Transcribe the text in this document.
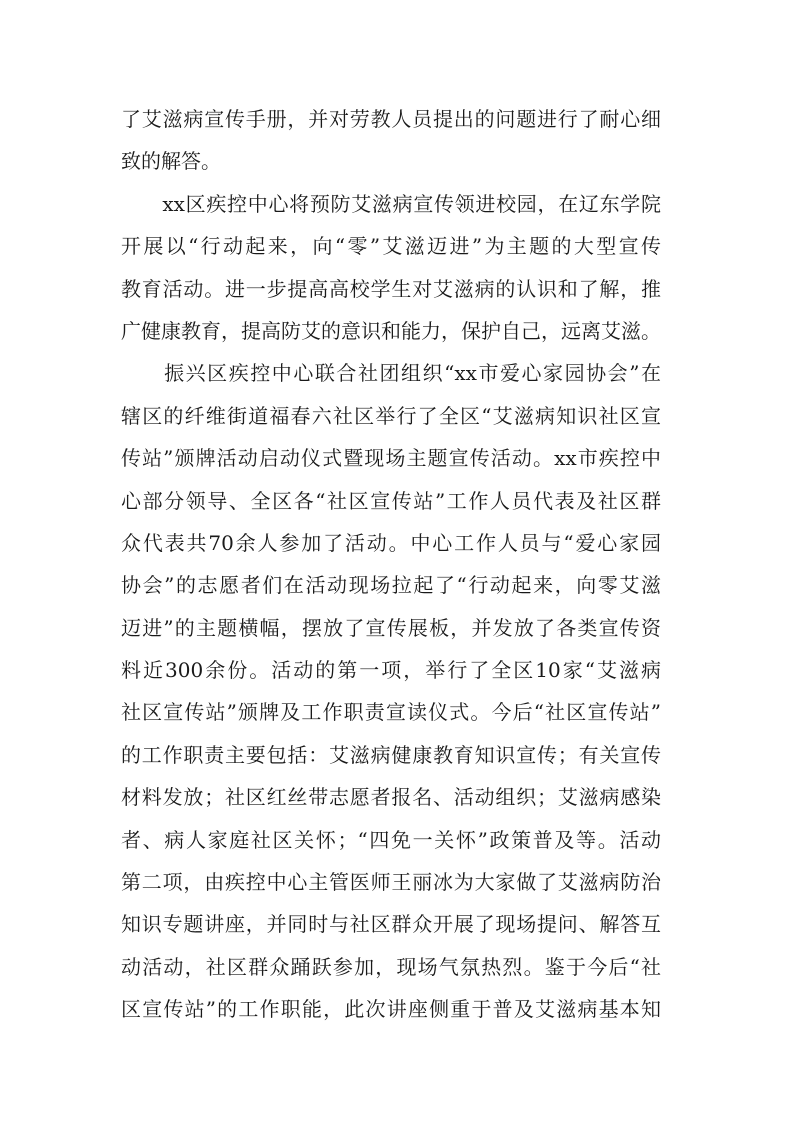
了艾滋病宣传手册，并对劳教人员提出的问题进行了耐心细
致的解答。
　　xx区疾控中心将预防艾滋病宣传领进校园，在辽东学院
开展以“行动起来，向“零”艾滋迈进”为主题的大型宣传
教育活动。进一步提高高校学生对艾滋病的认识和了解，推
广健康教育，提高防艾的意识和能力，保护自己，远离艾滋。
　　振兴区疾控中心联合社团组织“xx市爱心家园协会”在
辖区的纤维街道福春六社区举行了全区“艾滋病知识社区宣
传站”颁牌活动启动仪式暨现场主题宣传活动。xx市疾控中
心部分领导、全区各“社区宣传站”工作人员代表及社区群
众代表共70余人参加了活动。中心工作人员与“爱心家园
协会”的志愿者们在活动现场拉起了“行动起来，向零艾滋
迈进”的主题横幅，摆放了宣传展板，并发放了各类宣传资
料近300余份。活动的第一项，举行了全区10家“艾滋病
社区宣传站”颁牌及工作职责宣读仪式。今后“社区宣传站”
的工作职责主要包括：艾滋病健康教育知识宣传；有关宣传
材料发放；社区红丝带志愿者报名、活动组织；艾滋病感染
者、病人家庭社区关怀；“四免一关怀”政策普及等。活动
第二项，由疾控中心主管医师王丽冰为大家做了艾滋病防治
知识专题讲座，并同时与社区群众开展了现场提问、解答互
动活动，社区群众踊跃参加，现场气氛热烈。鉴于今后“社
区宣传站”的工作职能，此次讲座侧重于普及艾滋病基本知
